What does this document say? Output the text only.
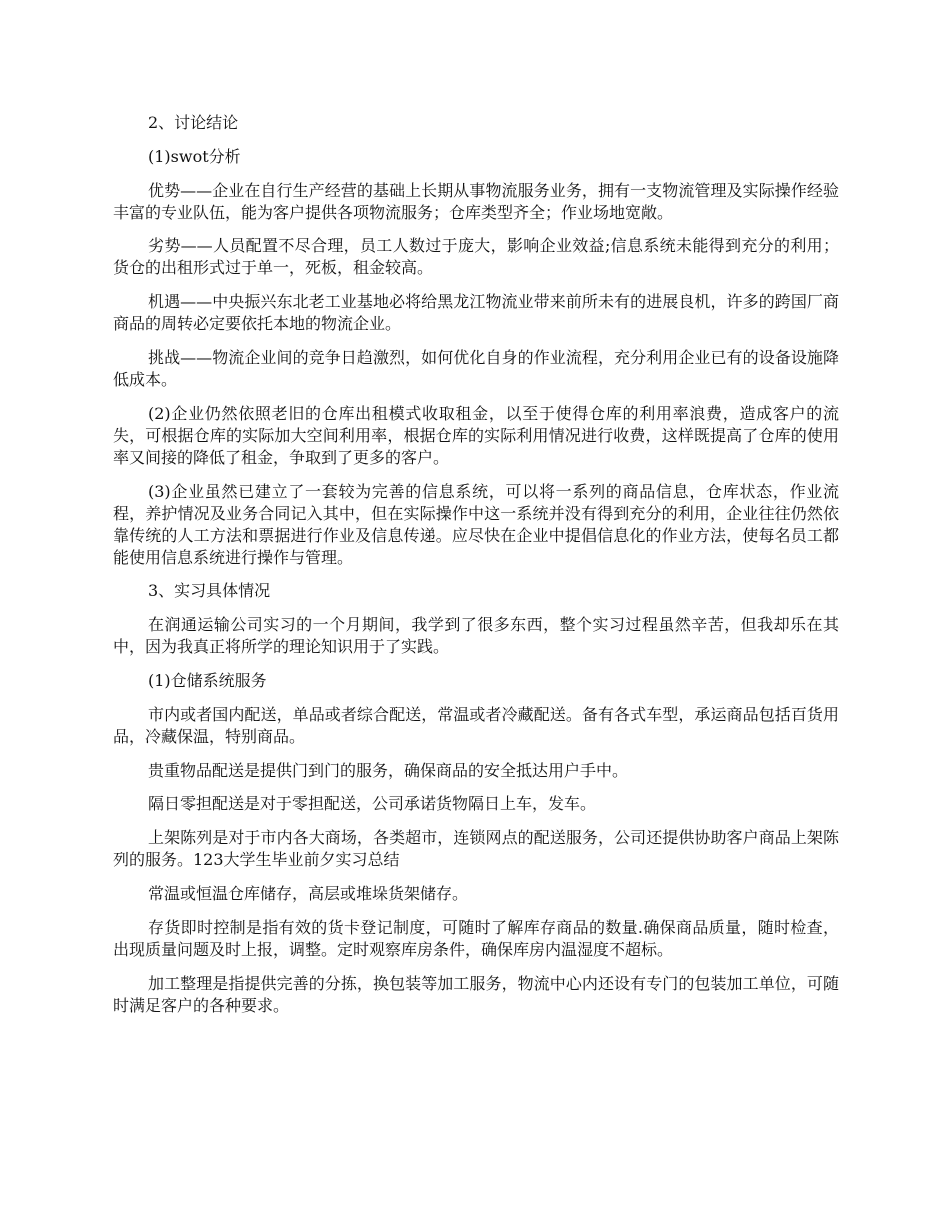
2、讨论结论

(1)swot分析

优势——企业在自行生产经营的基础上长期从事物流服务业务，拥有一支物流管理及实际操作经验丰富的专业队伍，能为客户提供各项物流服务；仓库类型齐全；作业场地宽敞。

劣势——人员配置不尽合理，员工人数过于庞大，影响企业效益;信息系统未能得到充分的利用；货仓的出租形式过于单一，死板，租金较高。

机遇——中央振兴东北老工业基地必将给黑龙江物流业带来前所未有的进展良机，许多的跨国厂商商品的周转必定要依托本地的物流企业。

挑战——物流企业间的竞争日趋激烈，如何优化自身的作业流程，充分利用企业已有的设备设施降低成本。

(2)企业仍然依照老旧的仓库出租模式收取租金，以至于使得仓库的利用率浪费，造成客户的流失，可根据仓库的实际加大空间利用率，根据仓库的实际利用情况进行收费，这样既提高了仓库的使用率又间接的降低了租金，争取到了更多的客户。

(3)企业虽然已建立了一套较为完善的信息系统，可以将一系列的商品信息，仓库状态，作业流程，养护情况及业务合同记入其中，但在实际操作中这一系统并没有得到充分的利用，企业往往仍然依靠传统的人工方法和票据进行作业及信息传递。应尽快在企业中提倡信息化的作业方法，使每名员工都能使用信息系统进行操作与管理。

3、实习具体情况

在润通运输公司实习的一个月期间，我学到了很多东西，整个实习过程虽然辛苦，但我却乐在其中，因为我真正将所学的理论知识用于了实践。

(1)仓储系统服务

市内或者国内配送，单品或者综合配送，常温或者冷藏配送。备有各式车型，承运商品包括百货用品，冷藏保温，特别商品。

贵重物品配送是提供门到门的服务，确保商品的安全抵达用户手中。

隔日零担配送是对于零担配送，公司承诺货物隔日上车，发车。

上架陈列是对于市内各大商场，各类超市，连锁网点的配送服务，公司还提供协助客户商品上架陈列的服务。123大学生毕业前夕实习总结

常温或恒温仓库储存，高层或堆垛货架储存。

存货即时控制是指有效的货卡登记制度，可随时了解库存商品的数量.确保商品质量，随时检查，出现质量问题及时上报，调整。定时观察库房条件，确保库房内温湿度不超标。

加工整理是指提供完善的分拣，换包装等加工服务，物流中心内还设有专门的包装加工单位，可随时满足客户的各种要求。
